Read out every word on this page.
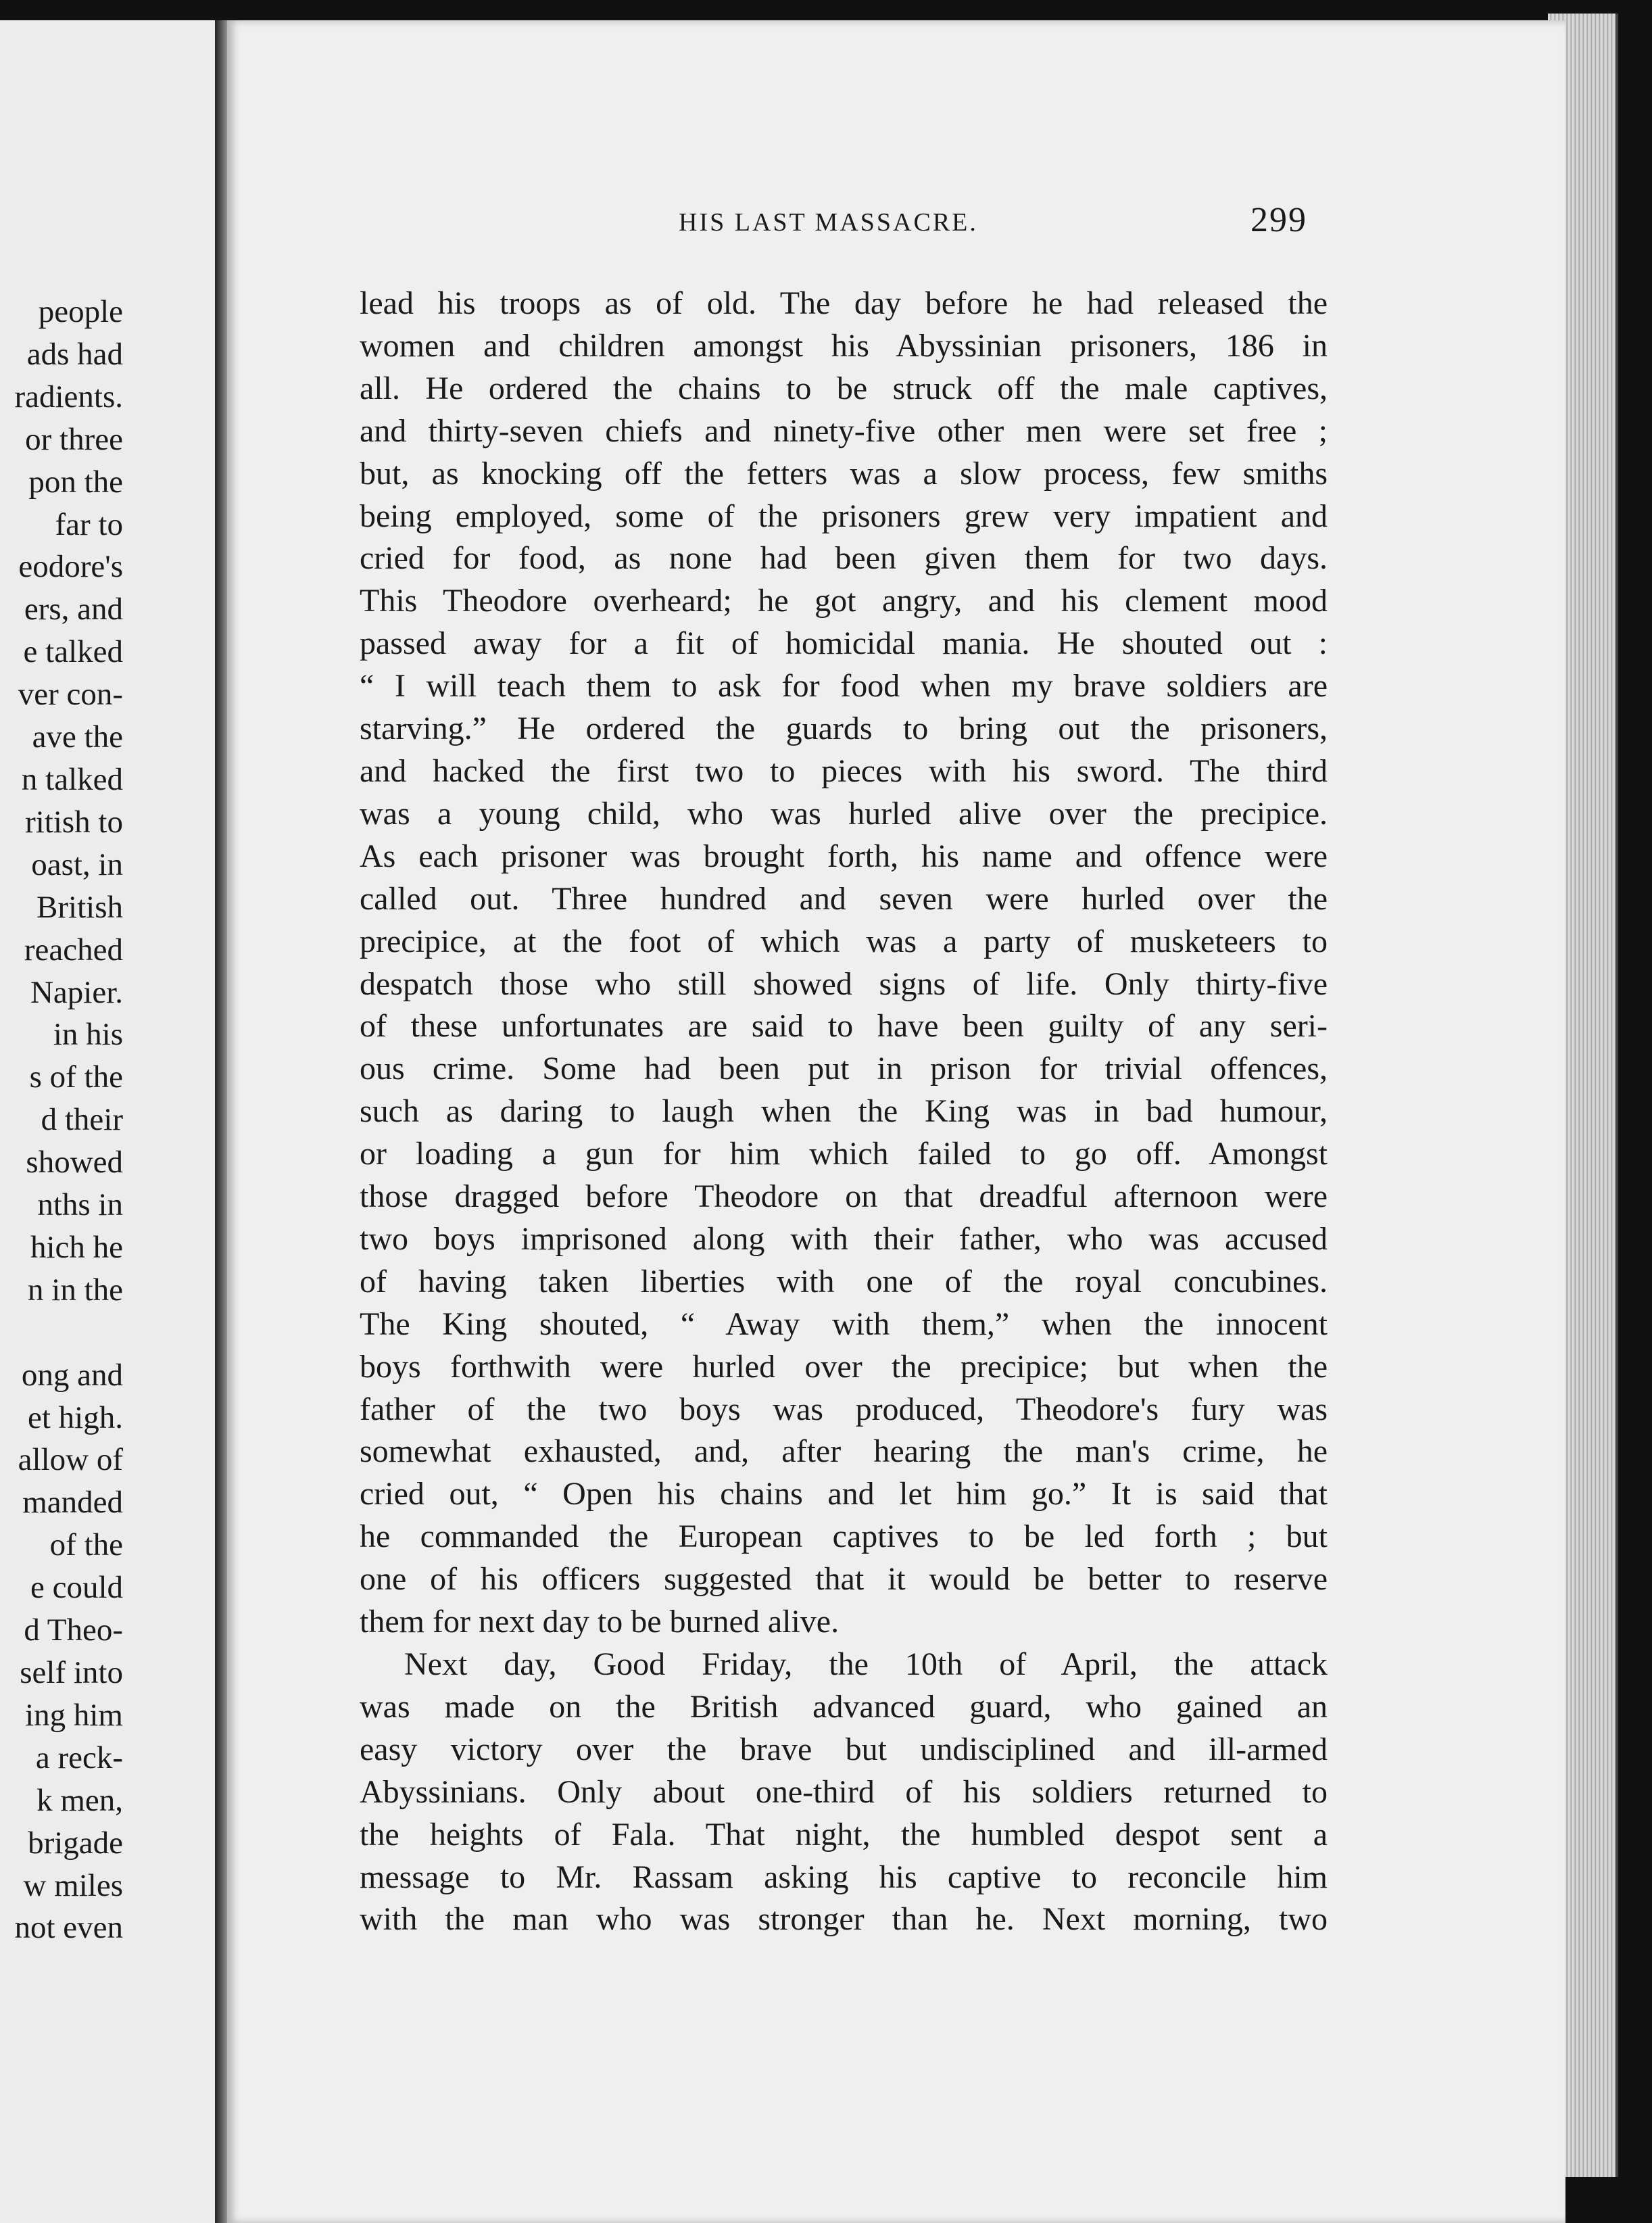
people
ads had
radients.
or three
pon the
far to
eodore's
ers, and
e talked
ver con-
ave the
n talked
ritish to
oast, in
British
reached
Napier.
in his
s of the
d their
showed
nths in
hich he
n in the

ong and
et high.
allow of
manded
of the
e could
d Theo-
self into
ing him
a reck-
k men,
brigade
w miles
not even
HIS LAST MASSACRE.	299
lead his troops as of old. The day before he had released the
women and children amongst his Abyssinian prisoners, 186 in
all. He ordered the chains to be struck off the male captives,
and thirty-seven chiefs and ninety-five other men were set free ;
but, as knocking off the fetters was a slow process, few smiths
being employed, some of the prisoners grew very impatient and
cried for food, as none had been given them for two days.
This Theodore overheard; he got angry, and his clement mood
passed away for a fit of homicidal mania. He shouted out :
“ I will teach them to ask for food when my brave soldiers are
starving.” He ordered the guards to bring out the prisoners,
and hacked the first two to pieces with his sword. The third
was a young child, who was hurled alive over the precipice.
As each prisoner was brought forth, his name and offence were
called out. Three hundred and seven were hurled over the
precipice, at the foot of which was a party of musketeers to
despatch those who still showed signs of life. Only thirty-five
of these unfortunates are said to have been guilty of any seri-
ous crime. Some had been put in prison for trivial offences,
such as daring to laugh when the King was in bad humour,
or loading a gun for him which failed to go off. Amongst
those dragged before Theodore on that dreadful afternoon were
two boys imprisoned along with their father, who was accused
of having taken liberties with one of the royal concubines.
The King shouted, “ Away with them,” when the innocent
boys forthwith were hurled over the precipice; but when the
father of the two boys was produced, Theodore's fury was
somewhat exhausted, and, after hearing the man's crime, he
cried out, “ Open his chains and let him go.” It is said that
he commanded the European captives to be led forth ; but
one of his officers suggested that it would be better to reserve
them for next day to be burned alive.
Next day, Good Friday, the 10th of April, the attack
was made on the British advanced guard, who gained an
easy victory over the brave but undisciplined and ill-armed
Abyssinians. Only about one-third of his soldiers returned to
the heights of Fala. That night, the humbled despot sent a
message to Mr. Rassam asking his captive to reconcile him
with the man who was stronger than he. Next morning, two
